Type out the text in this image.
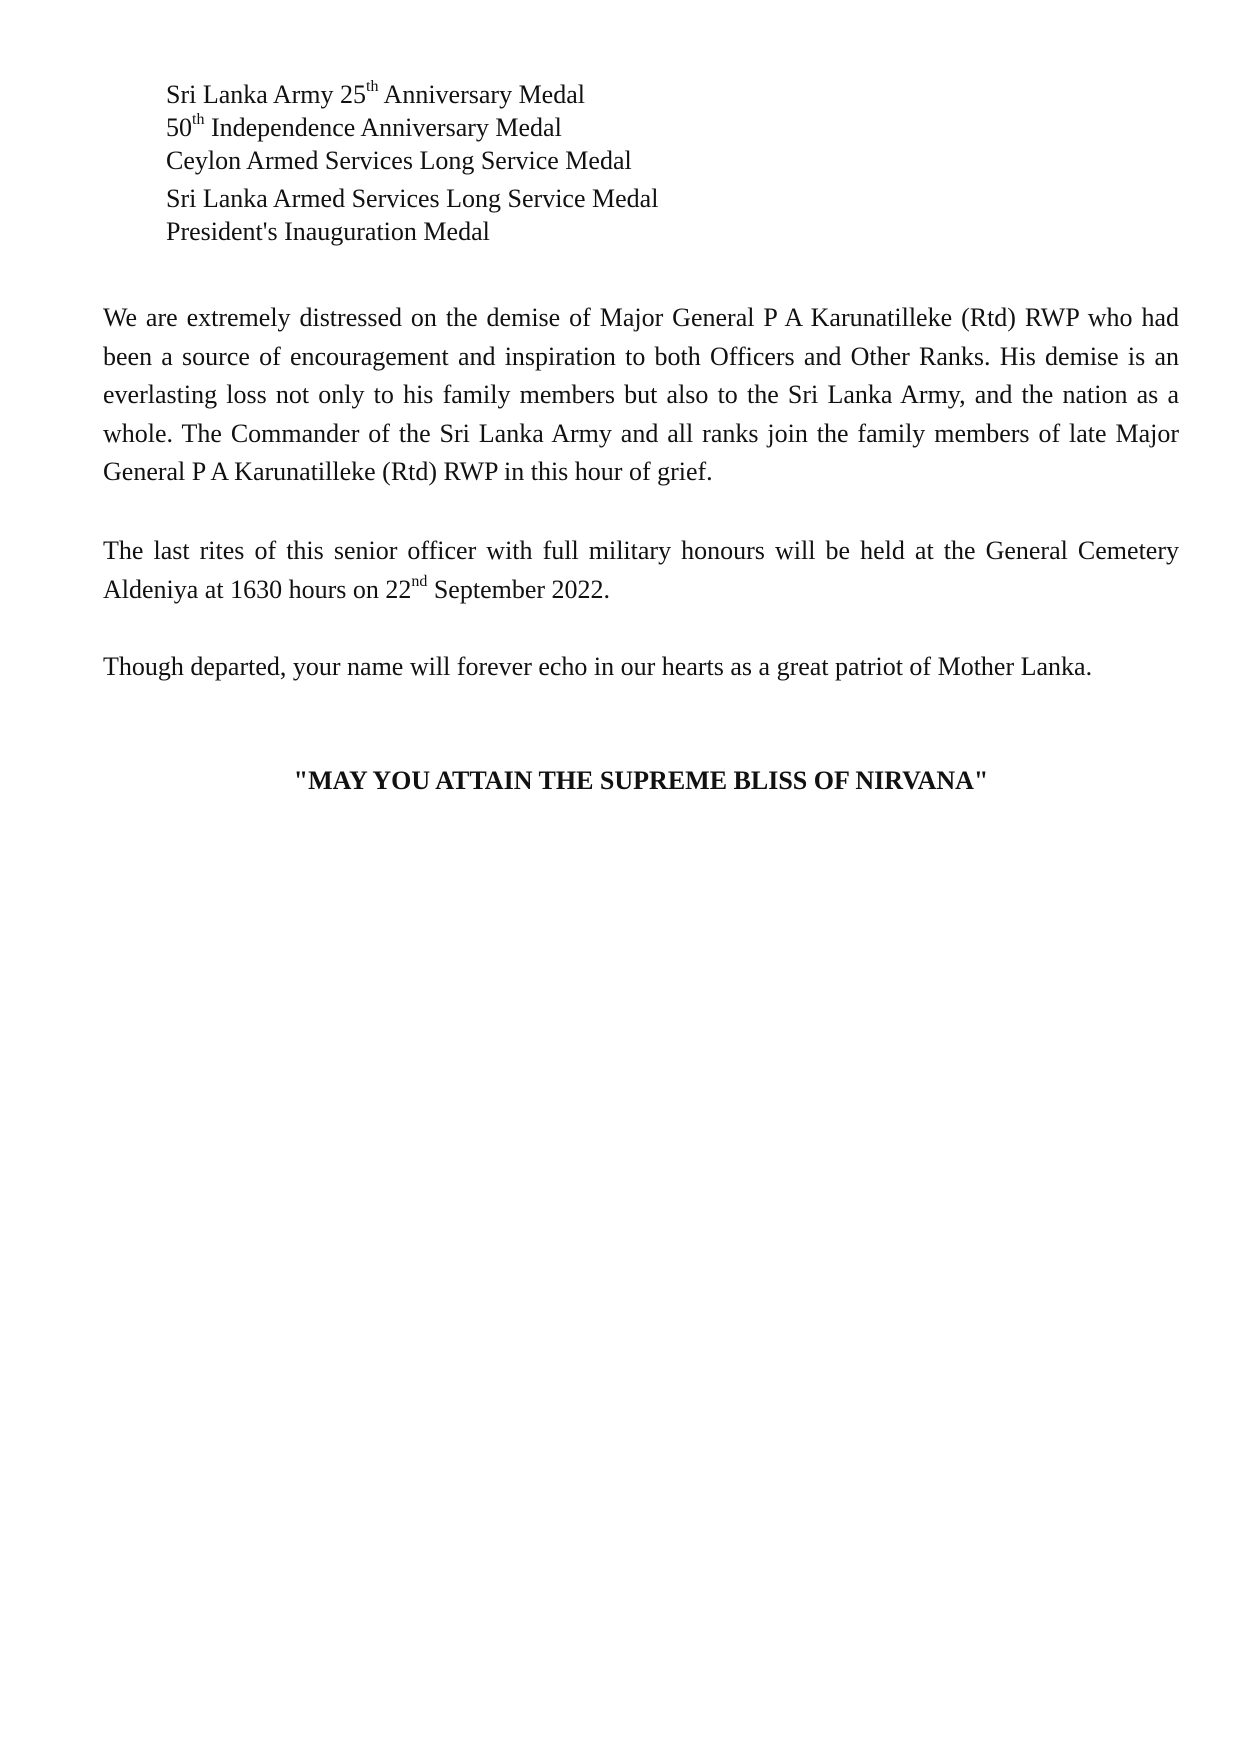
Sri Lanka Army 25th Anniversary Medal
50th Independence Anniversary Medal
Ceylon Armed Services Long Service Medal
Sri Lanka Armed Services Long Service Medal
President's Inauguration Medal

We are extremely distressed on the demise of Major General P A Karunatilleke (Rtd) RWP who had been a source of encouragement and inspiration to both Officers and Other Ranks. His demise is an everlasting loss not only to his family members but also to the Sri Lanka Army, and the nation as a whole. The Commander of the Sri Lanka Army and all ranks join the family members of late Major General P A Karunatilleke (Rtd) RWP in this hour of grief.

The last rites of this senior officer with full military honours will be held at the General Cemetery Aldeniya at 1630 hours on 22nd September 2022.

Though departed, your name will forever echo in our hearts as a great patriot of Mother Lanka.

"MAY YOU ATTAIN THE SUPREME BLISS OF NIRVANA"
